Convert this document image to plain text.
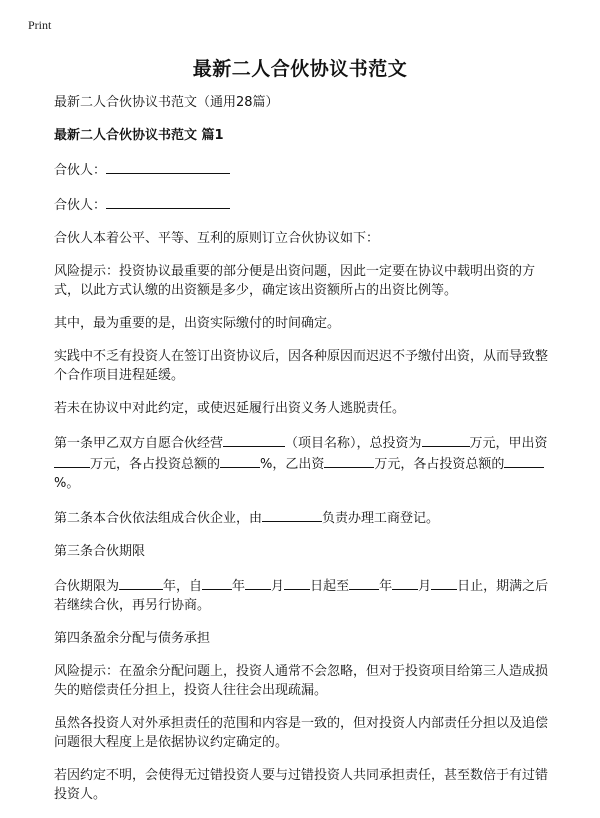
Print
最新二人合伙协议书范文

最新二人合伙协议书范文（通用28篇）

最新二人合伙协议书范文 篇1

合伙人：

合伙人：

合伙人本着公平、平等、互利的原则订立合伙协议如下：

风险提示：投资协议最重要的部分便是出资问题，因此一定要在协议中载明出资的方式，以此方式认缴的出资额是多少，确定该出资额所占的出资比例等。

其中，最为重要的是，出资实际缴付的时间确定。

实践中不乏有投资人在签订出资协议后，因各种原因而迟迟不予缴付出资，从而导致整个合作项目进程延缓。

若未在协议中对此约定，或使迟延履行出资义务人逃脱责任。

第一条甲乙双方自愿合伙经营	（项目名称），总投资为	万元，甲出资万元，各占投资总额的	%，乙出资	万元，各占投资总额的%。

第二条本合伙依法组成合伙企业，由	负责办理工商登记。

第三条合伙期限

合伙期限为	年，自 年 月 日起至 年 月 日止，期满之后若继续合伙，再另行协商。

第四条盈余分配与债务承担

风险提示：在盈余分配问题上，投资人通常不会忽略，但对于投资项目给第三人造成损失的赔偿责任分担上，投资人往往会出现疏漏。

虽然各投资人对外承担责任的范围和内容是一致的，但对投资人内部责任分担以及追偿问题很大程度上是依据协议约定确定的。

若因约定不明，会使得无过错投资人要与过错投资人共同承担责任，甚至数倍于有过错投资人。
